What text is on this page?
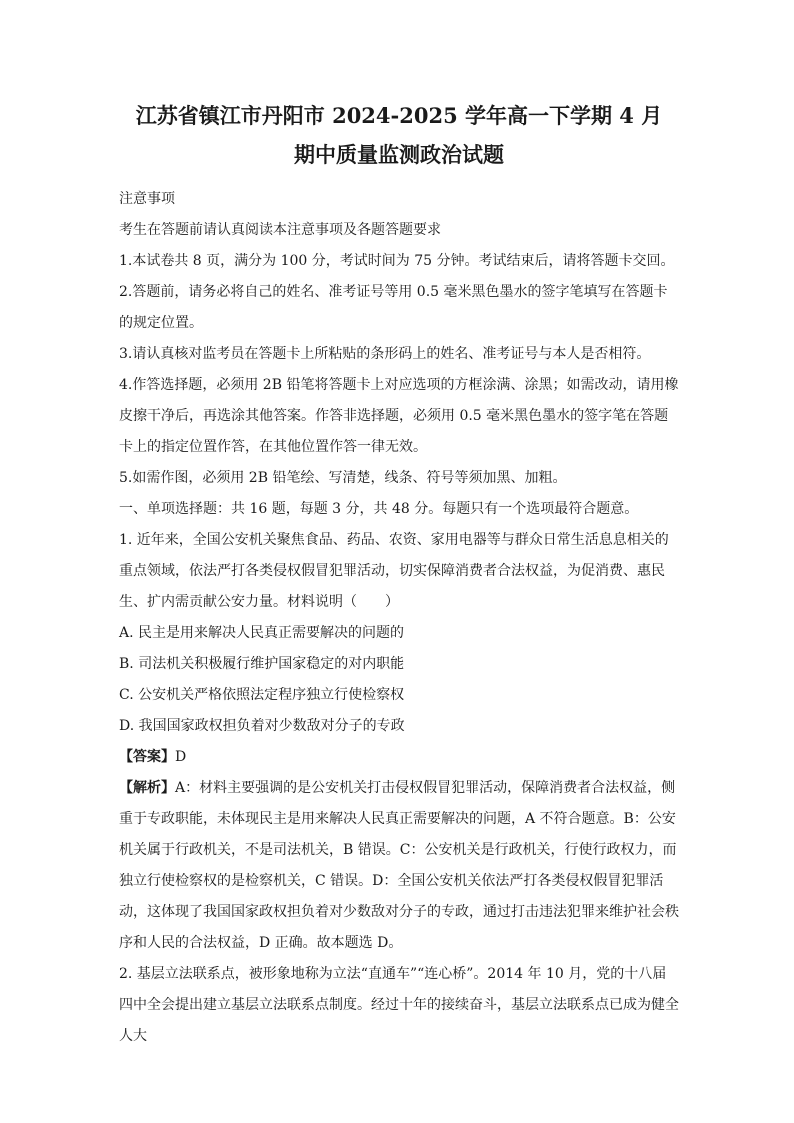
江苏省镇江市丹阳市 2024-2025 学年高一下学期 4 月
期中质量监测政治试题

注意事项

考生在答题前请认真阅读本注意事项及各题答题要求

1.本试卷共 8 页，满分为 100 分，考试时间为 75 分钟。考试结束后，请将答题卡交回。

2.答题前，请务必将自己的姓名、准考证号等用 0.5 毫米黑色墨水的签字笔填写在答题卡的规定位置。

3.请认真核对监考员在答题卡上所粘贴的条形码上的姓名、准考证号与本人是否相符。

4.作答选择题，必须用 2B 铅笔将答题卡上对应选项的方框涂满、涂黑；如需改动，请用橡皮擦干净后，再选涂其他答案。作答非选择题，必须用 0.5 毫米黑色墨水的签字笔在答题卡上的指定位置作答，在其他位置作答一律无效。

5.如需作图，必须用 2B 铅笔绘、写清楚，线条、符号等须加黑、加粗。

一、单项选择题：共 16 题，每题 3 分，共 48 分。每题只有一个选项最符合题意。

1. 近年来，全国公安机关聚焦食品、药品、农资、家用电器等与群众日常生活息息相关的重点领域，依法严打各类侵权假冒犯罪活动，切实保障消费者合法权益，为促消费、惠民生、扩内需贡献公安力量。材料说明（　　）

A. 民主是用来解决人民真正需要解决的问题的

B. 司法机关积极履行维护国家稳定的对内职能

C. 公安机关严格依照法定程序独立行使检察权

D. 我国国家政权担负着对少数敌对分子的专政

【答案】D

【解析】A：材料主要强调的是公安机关打击侵权假冒犯罪活动，保障消费者合法权益，侧重于专政职能，未体现民主是用来解决人民真正需要解决的问题，A 不符合题意。B：公安机关属于行政机关，不是司法机关，B 错误。C：公安机关是行政机关，行使行政权力，而独立行使检察权的是检察机关，C 错误。D：全国公安机关依法严打各类侵权假冒犯罪活动，这体现了我国国家政权担负着对少数敌对分子的专政，通过打击违法犯罪来维护社会秩序和人民的合法权益，D 正确。故本题选 D。

2. 基层立法联系点，被形象地称为立法“直通车”“连心桥”。2014 年 10 月，党的十八届四中全会提出建立基层立法联系点制度。经过十年的接续奋斗，基层立法联系点已成为健全人大
